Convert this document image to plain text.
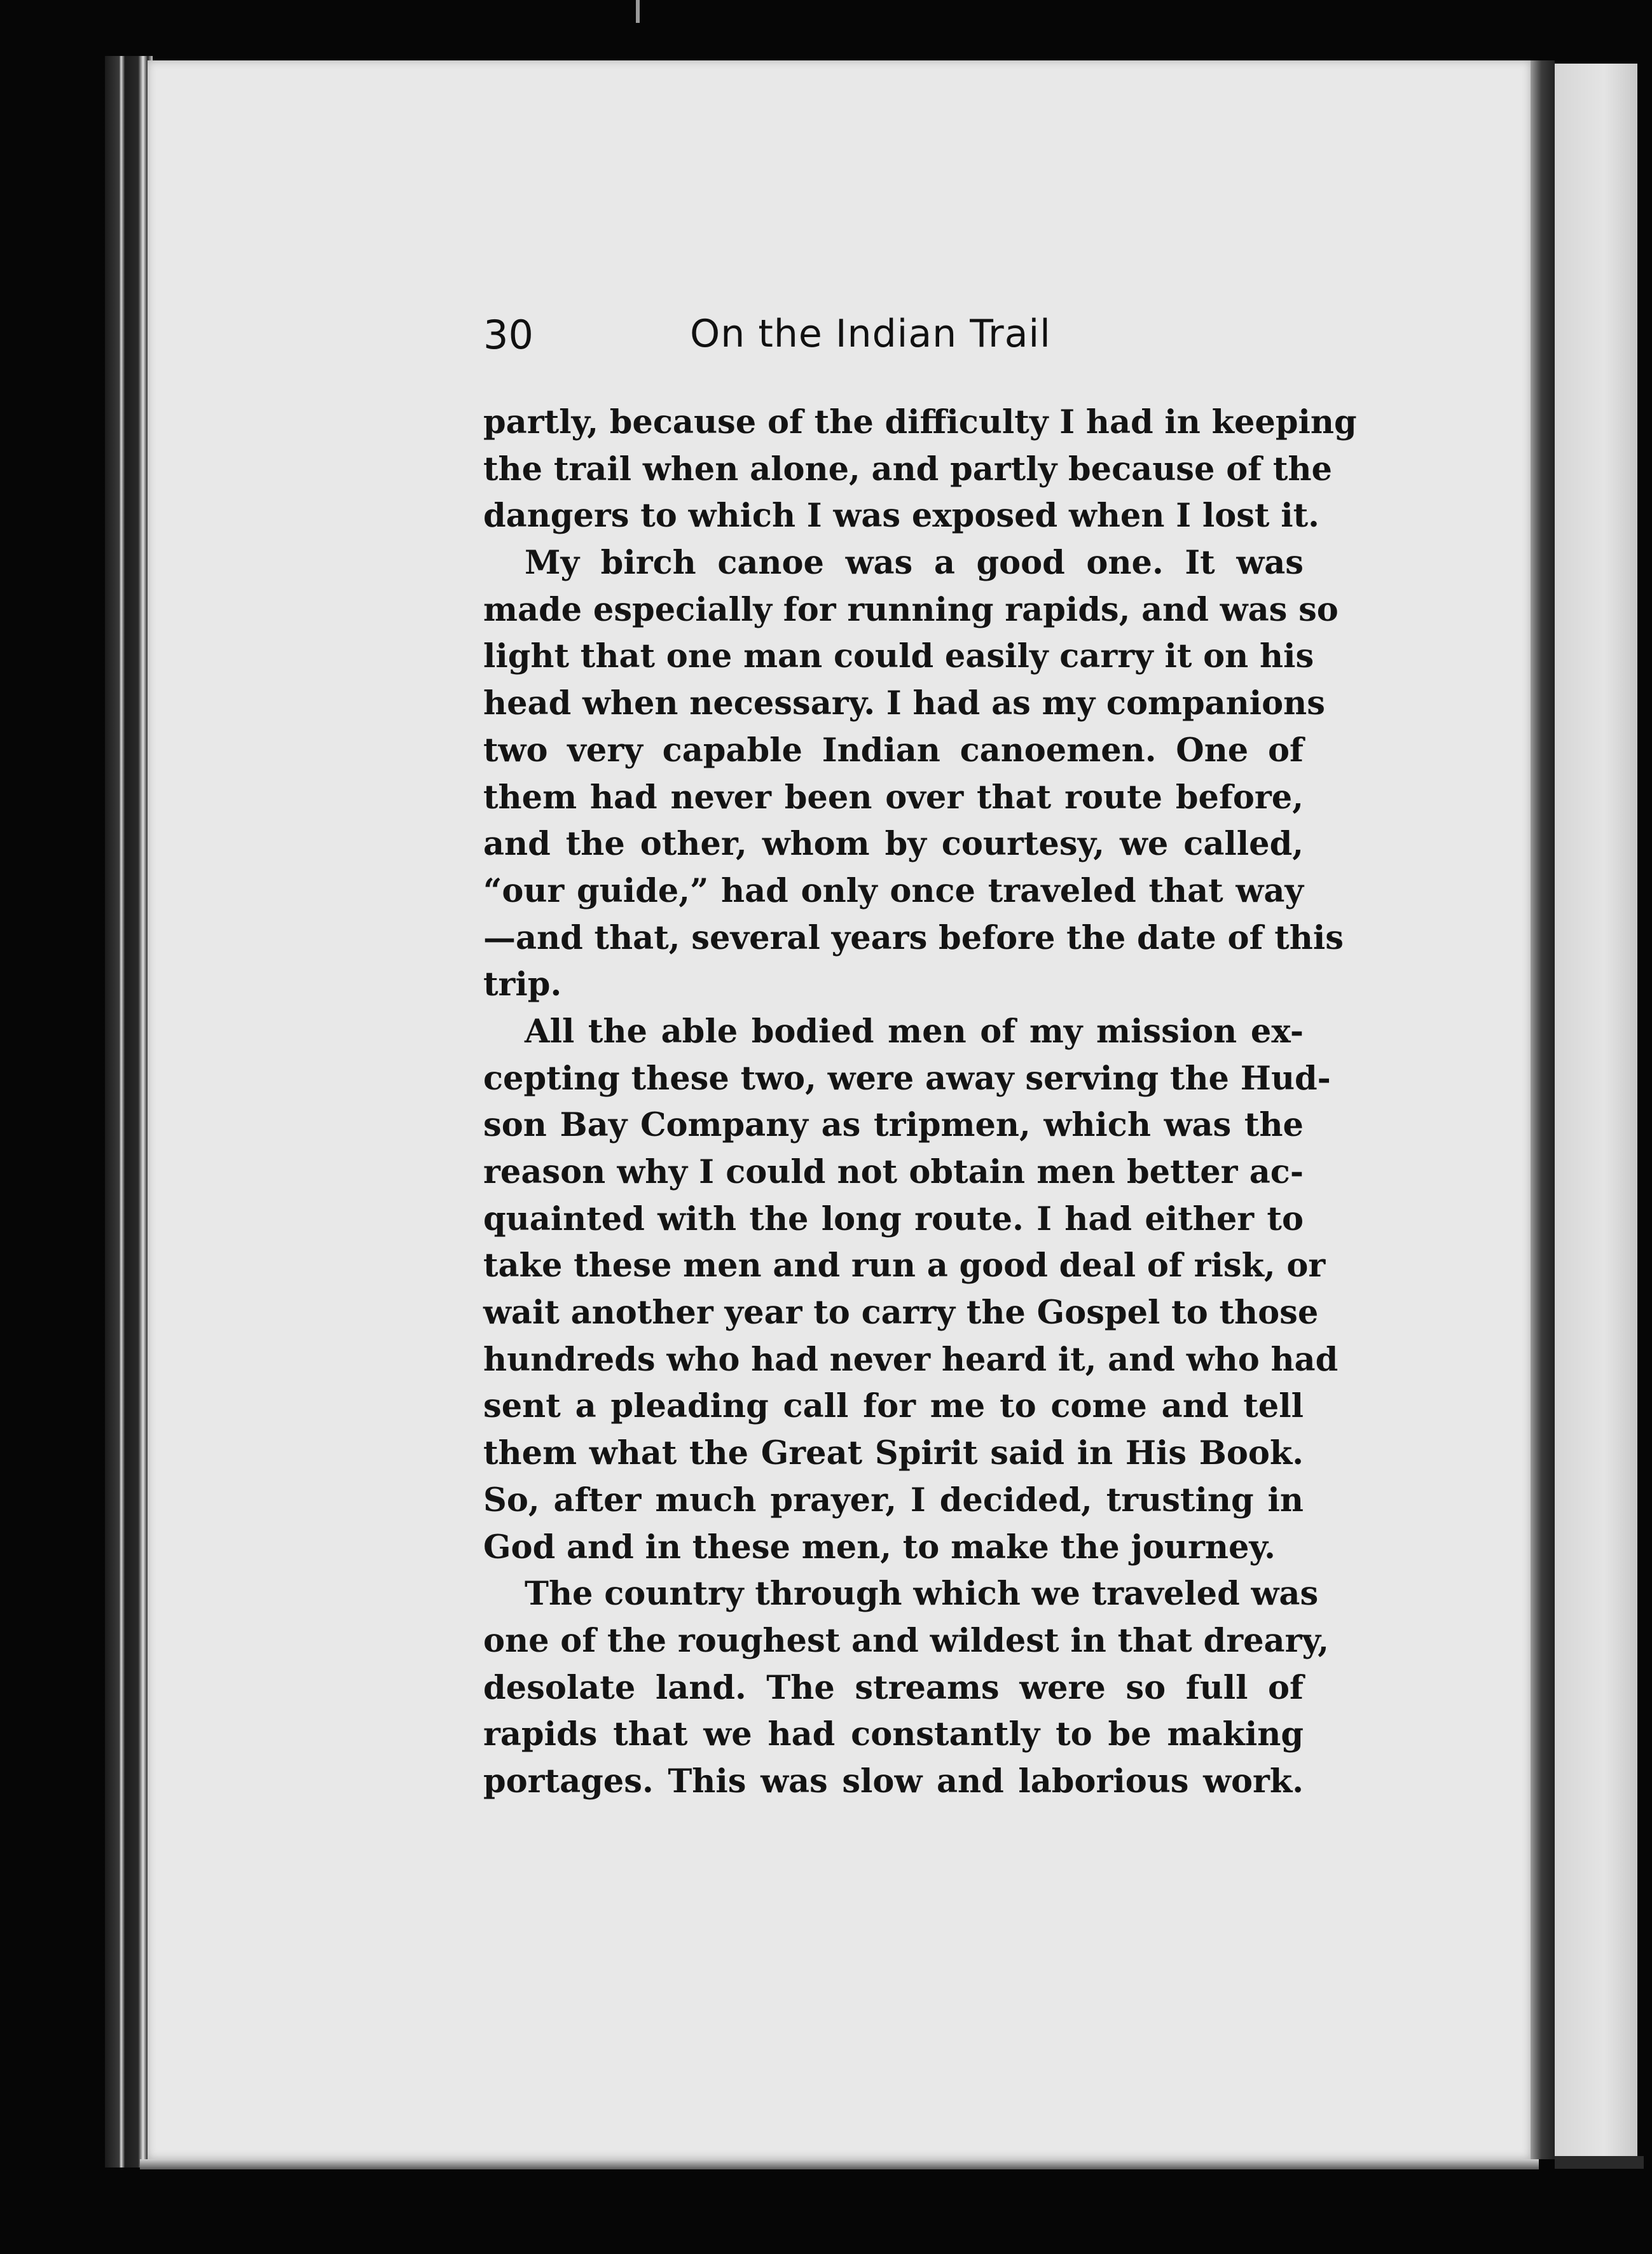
30	On the Indian Trail
partly, because of the difficulty I had in keeping
the trail when alone, and partly because of the
dangers to which I was exposed when I lost it.
My birch canoe was a good one. It was
made especially for running rapids, and was so
light that one man could easily carry it on his
head when necessary. I had as my companions
two very capable Indian canoemen. One of
them had never been over that route before,
and the other, whom by courtesy, we called,
“our guide,” had only once traveled that way
—and that, several years before the date of this
trip.
All the able bodied men of my mission ex-
cepting these two, were away serving the Hud-
son Bay Company as tripmen, which was the
reason why I could not obtain men better ac-
quainted with the long route. I had either to
take these men and run a good deal of risk, or
wait another year to carry the Gospel to those
hundreds who had never heard it, and who had
sent a pleading call for me to come and tell
them what the Great Spirit said in His Book.
So, after much prayer, I decided, trusting in
God and in these men, to make the journey.
The country through which we traveled was
one of the roughest and wildest in that dreary,
desolate land. The streams were so full of
rapids that we had constantly to be making
portages. This was slow and laborious work.
